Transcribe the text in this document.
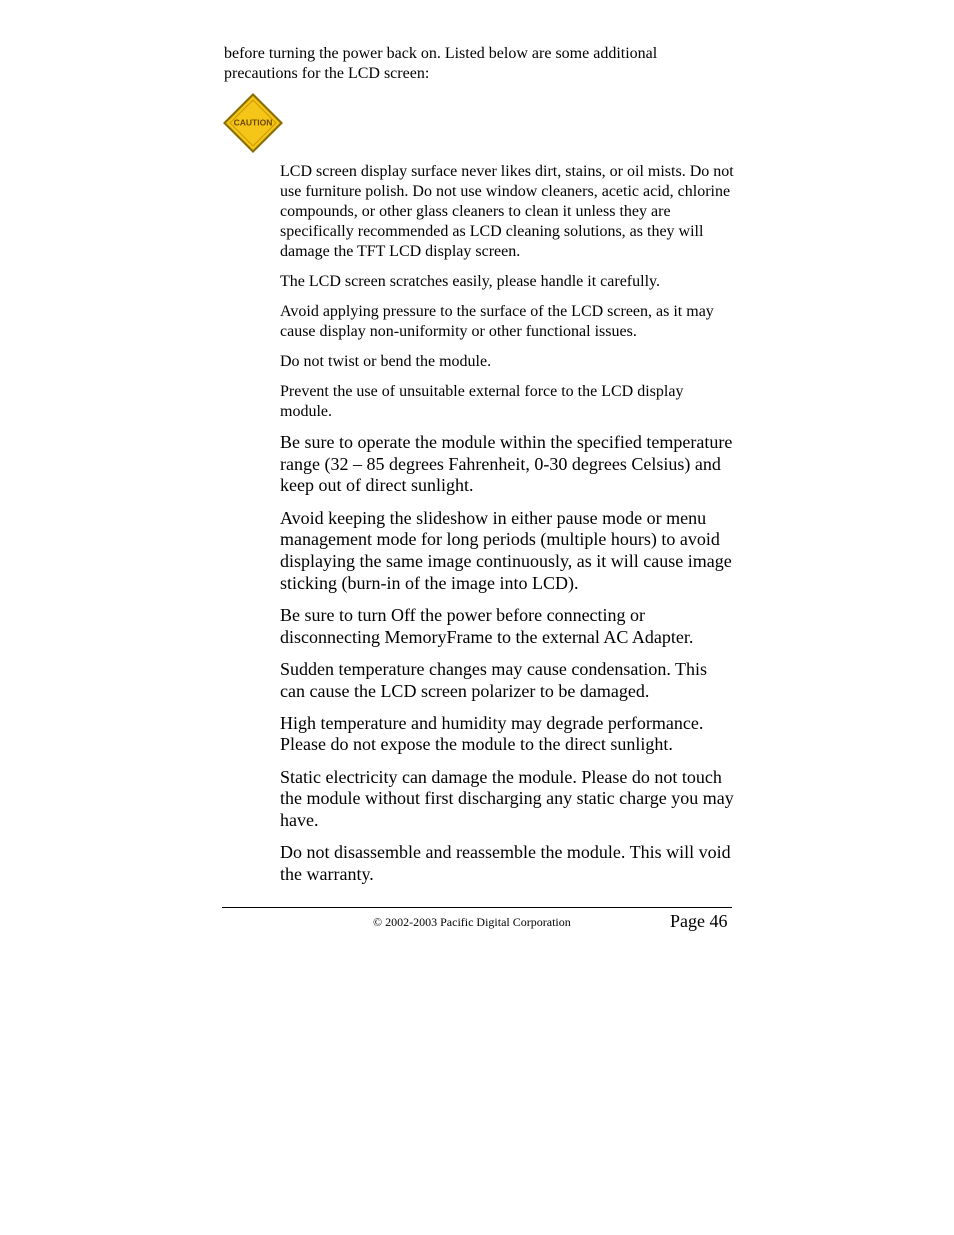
before turning the power back on. Listed below are some additional precautions for the LCD screen:

CAUTION

LCD screen display surface never likes dirt, stains, or oil mists. Do not use furniture polish. Do not use window cleaners, acetic acid, chlorine compounds, or other glass cleaners to clean it unless they are specifically recommended as LCD cleaning solutions, as they will damage the TFT LCD display screen.

The LCD screen scratches easily, please handle it carefully.

Avoid applying pressure to the surface of the LCD screen, as it may cause display non-uniformity or other functional issues.

Do not twist or bend the module.

Prevent the use of unsuitable external force to the LCD display module.

Be sure to operate the module within the specified temperature range (32 – 85 degrees Fahrenheit, 0-30 degrees Celsius) and keep out of direct sunlight.

Avoid keeping the slideshow in either pause mode or menu management mode for long periods (multiple hours) to avoid displaying the same image continuously, as it will cause image sticking (burn-in of the image into LCD).

Be sure to turn Off the power before connecting or disconnecting MemoryFrame to the external AC Adapter.

Sudden temperature changes may cause condensation. This can cause the LCD screen polarizer to be damaged.

High temperature and humidity may degrade performance. Please do not expose the module to the direct sunlight.

Static electricity can damage the module. Please do not touch the module without first discharging any static charge you may have.

Do not disassemble and reassemble the module. This will void the warranty.

© 2002-2003 Pacific Digital Corporation	Page 46
